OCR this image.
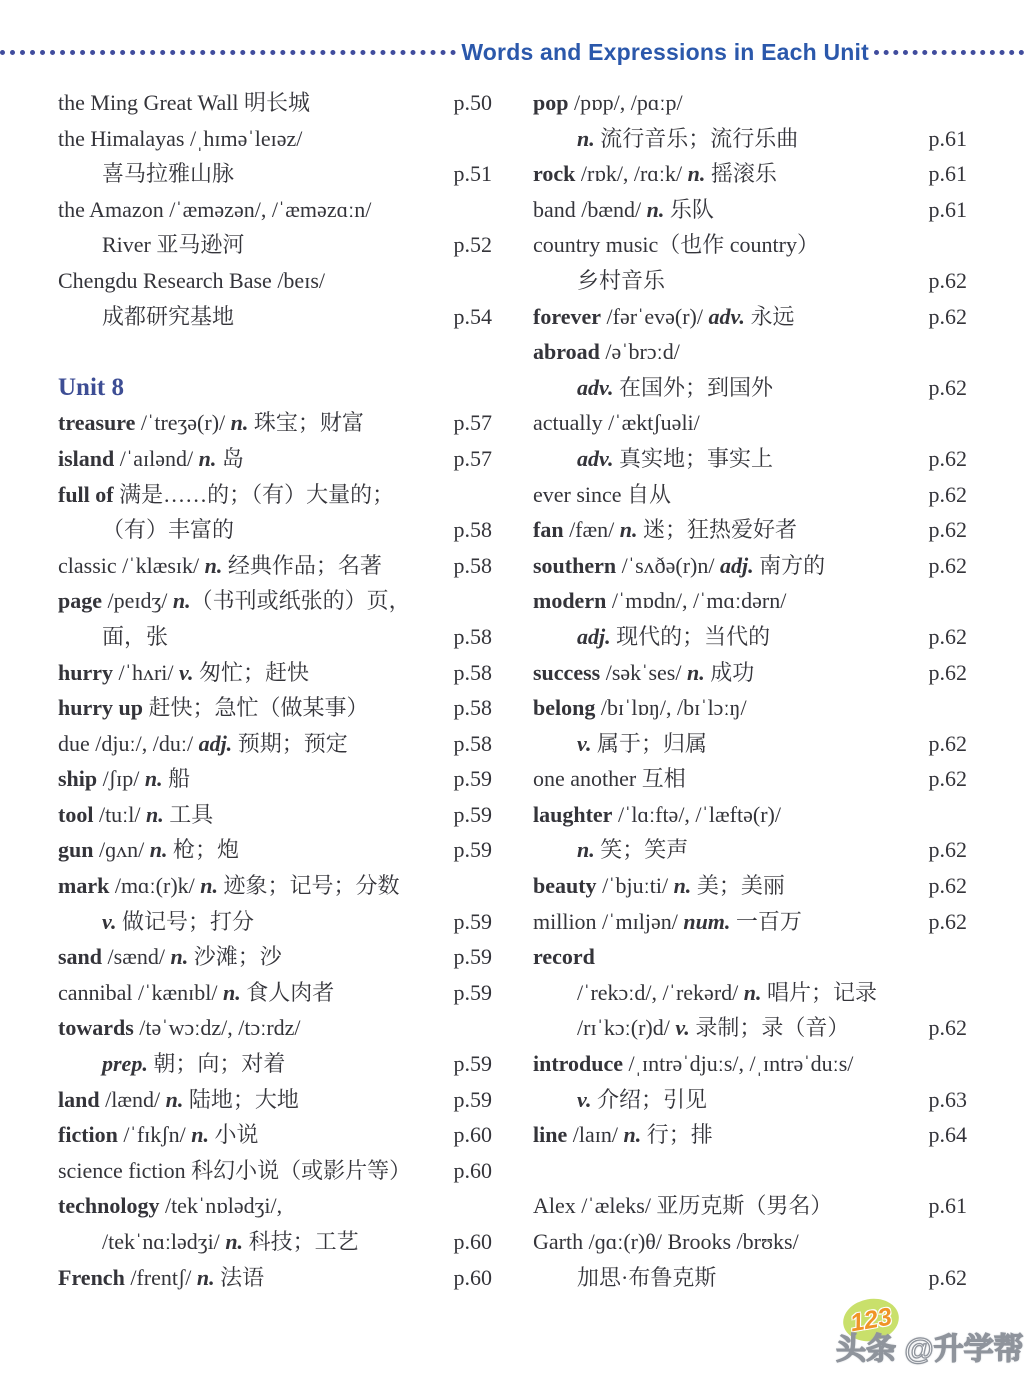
Words and Expressions in Each Unit
the Ming Great Wall 明长城	p.50
the Himalayas /ˌhɪməˈleɪəz/
喜马拉雅山脉	p.51
the Amazon /ˈæməzən/, /ˈæməzɑːn/
River 亚马逊河	p.52
Chengdu Research Base /beɪs/
成都研究基地	p.54
Unit 8
treasure /ˈtreʒə(r)/ n. 珠宝；财富	p.57
island /ˈaɪlənd/ n. 岛	p.57
full of 满是……的；（有）大量的；
（有）丰富的	p.58
classic /ˈklæsɪk/ n. 经典作品；名著	p.58
page /peɪdʒ/ n.（书刊或纸张的）页，
面，张	p.58
hurry /ˈhʌri/ v. 匆忙；赶快	p.58
hurry up 赶快；急忙（做某事）	p.58
due /djuː/, /duː/ adj. 预期；预定	p.58
ship /ʃɪp/ n. 船	p.59
tool /tuːl/ n. 工具	p.59
gun /ɡʌn/ n. 枪；炮	p.59
mark /mɑː(r)k/ n. 迹象；记号；分数
v. 做记号；打分	p.59
sand /sænd/ n. 沙滩；沙	p.59
cannibal /ˈkænɪbl/ n. 食人肉者	p.59
towards /təˈwɔːdz/, /tɔːrdz/
prep. 朝；向；对着	p.59
land /lænd/ n. 陆地；大地	p.59
fiction /ˈfɪkʃn/ n. 小说	p.60
science fiction 科幻小说（或影片等）	p.60
technology /tekˈnɒlədʒi/,
/tekˈnɑːlədʒi/ n. 科技；工艺	p.60
French /frentʃ/ n. 法语	p.60
pop /pɒp/, /pɑːp/
n. 流行音乐；流行乐曲	p.61
rock /rɒk/, /rɑːk/ n. 摇滚乐	p.61
band /bænd/ n. 乐队	p.61
country music（也作 country）
乡村音乐	p.62
forever /fərˈevə(r)/ adv. 永远	p.62
abroad /əˈbrɔːd/
adv. 在国外；到国外	p.62
actually /ˈæktʃuəli/
adv. 真实地；事实上	p.62
ever since 自从	p.62
fan /fæn/ n. 迷；狂热爱好者	p.62
southern /ˈsʌðə(r)n/ adj. 南方的	p.62
modern /ˈmɒdn/, /ˈmɑːdərn/
adj. 现代的；当代的	p.62
success /səkˈses/ n. 成功	p.62
belong /bɪˈlɒŋ/, /bɪˈlɔːŋ/
v. 属于；归属	p.62
one another 互相	p.62
laughter /ˈlɑːftə/, /ˈlæftə(r)/
n. 笑；笑声	p.62
beauty /ˈbjuːti/ n. 美；美丽	p.62
million /ˈmɪljən/ num. 一百万	p.62
record
/ˈrekɔːd/, /ˈrekərd/ n. 唱片；记录
/rɪˈkɔː(r)d/ v. 录制；录（音）	p.62
introduce /ˌɪntrəˈdjuːs/, /ˌɪntrəˈduːs/
v. 介绍；引见	p.63
line /laɪn/ n. 行；排	p.64
Alex /ˈæleks/ 亚历克斯（男名）	p.61
Garth /ɡɑː(r)θ/ Brooks /brʊks/
加思·布鲁克斯	p.62
123
头条 @升学帮
